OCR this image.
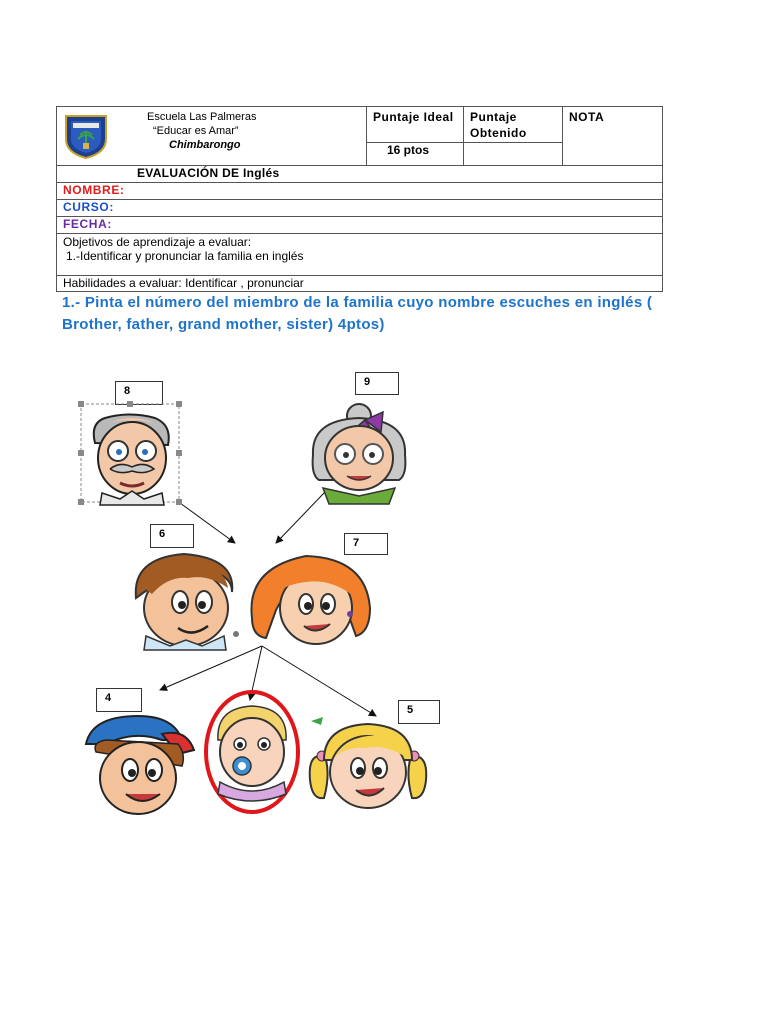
Escuela Las Palmeras
“Educar es Amar”
Chimbarongo	Puntaje Ideal	Puntaje Obtenido	NOTA
	16 ptos		
EVALUACIÓN DE Inglés			
NOMBRE:			
CURSO:			
FECHA:			

Objetivos de aprendizaje a evaluar:
1.-Identificar y pronunciar la familia en inglés			

Habilidades a evaluar: Identificar , pronunciar			
1.- Pinta el número del miembro de la familia cuyo nombre escuches en inglés ( Brother, father, grand mother, sister) 4ptos)
8
9
6
7
4
5
